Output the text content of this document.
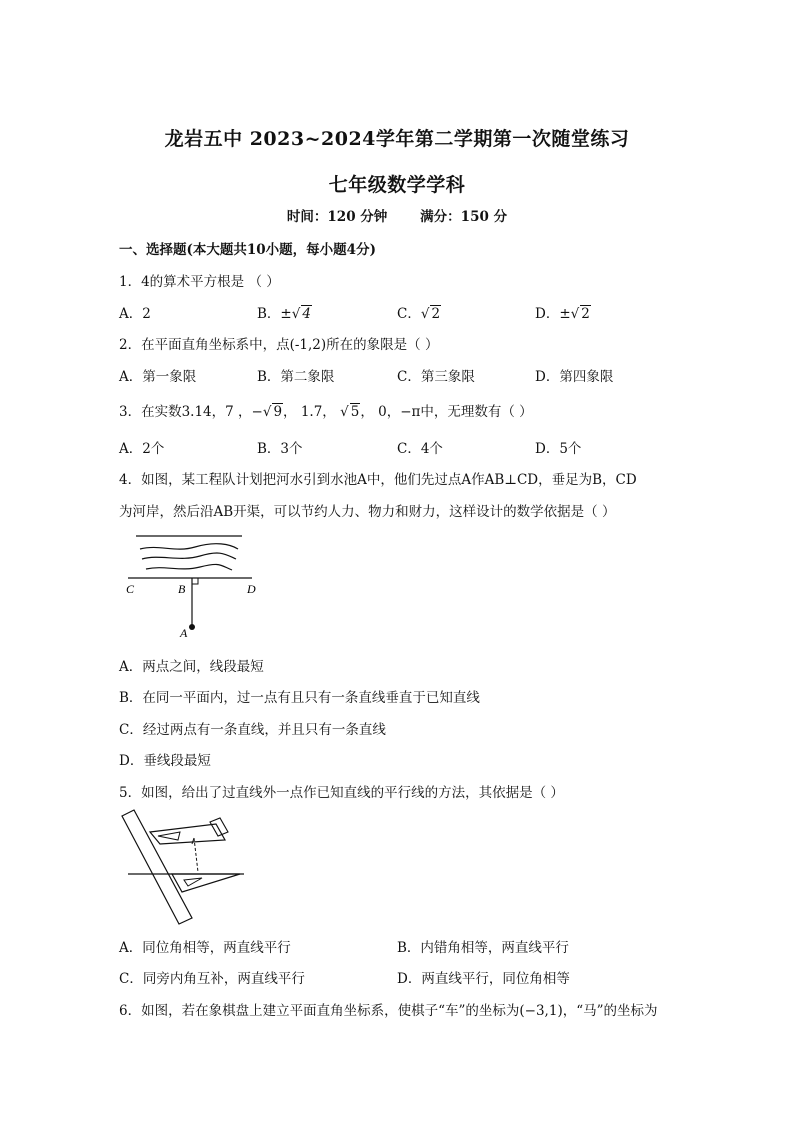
龙岩五中 2023~2024学年第二学期第一次随堂练习
七年级数学学科
时间：120 分钟       满分：150 分
一、选择题(本大题共10小题，每小题4分)
1．4的算术平方根是 （ ）
A．2	B．±√ 4	C．√ 2	D．±√ 2
2．在平面直角坐标系中，点(-1,2)所在的象限是（ ）
A．第一象限	B．第二象限	C．第三象限	D．第四象限
3．在实数3.14，7 ，−√ 9， 1.7， √ 5， 0，−π中，无理数有（ ）
A．2个	B．3个	C．4个	D．5个
4．如图，某工程队计划把河水引到水池A中，他们先过点A作AB⊥CD，垂足为B，CD
为河岸，然后沿AB开渠，可以节约人力、物力和财力，这样设计的数学依据是（ ）
C	B	D
A
A．两点之间，线段最短
B．在同一平面内，过一点有且只有一条直线垂直于已知直线
C．经过两点有一条直线，并且只有一条直线
D．垂线段最短
5．如图，给出了过直线外一点作已知直线的平行线的方法，其依据是（ ）
A．同位角相等，两直线平行	B．内错角相等，两直线平行
C．同旁内角互补，两直线平行	D．两直线平行，同位角相等
6．如图，若在象棋盘上建立平面直角坐标系，使棋子“车”的坐标为(−3,1)，“马”的坐标为
